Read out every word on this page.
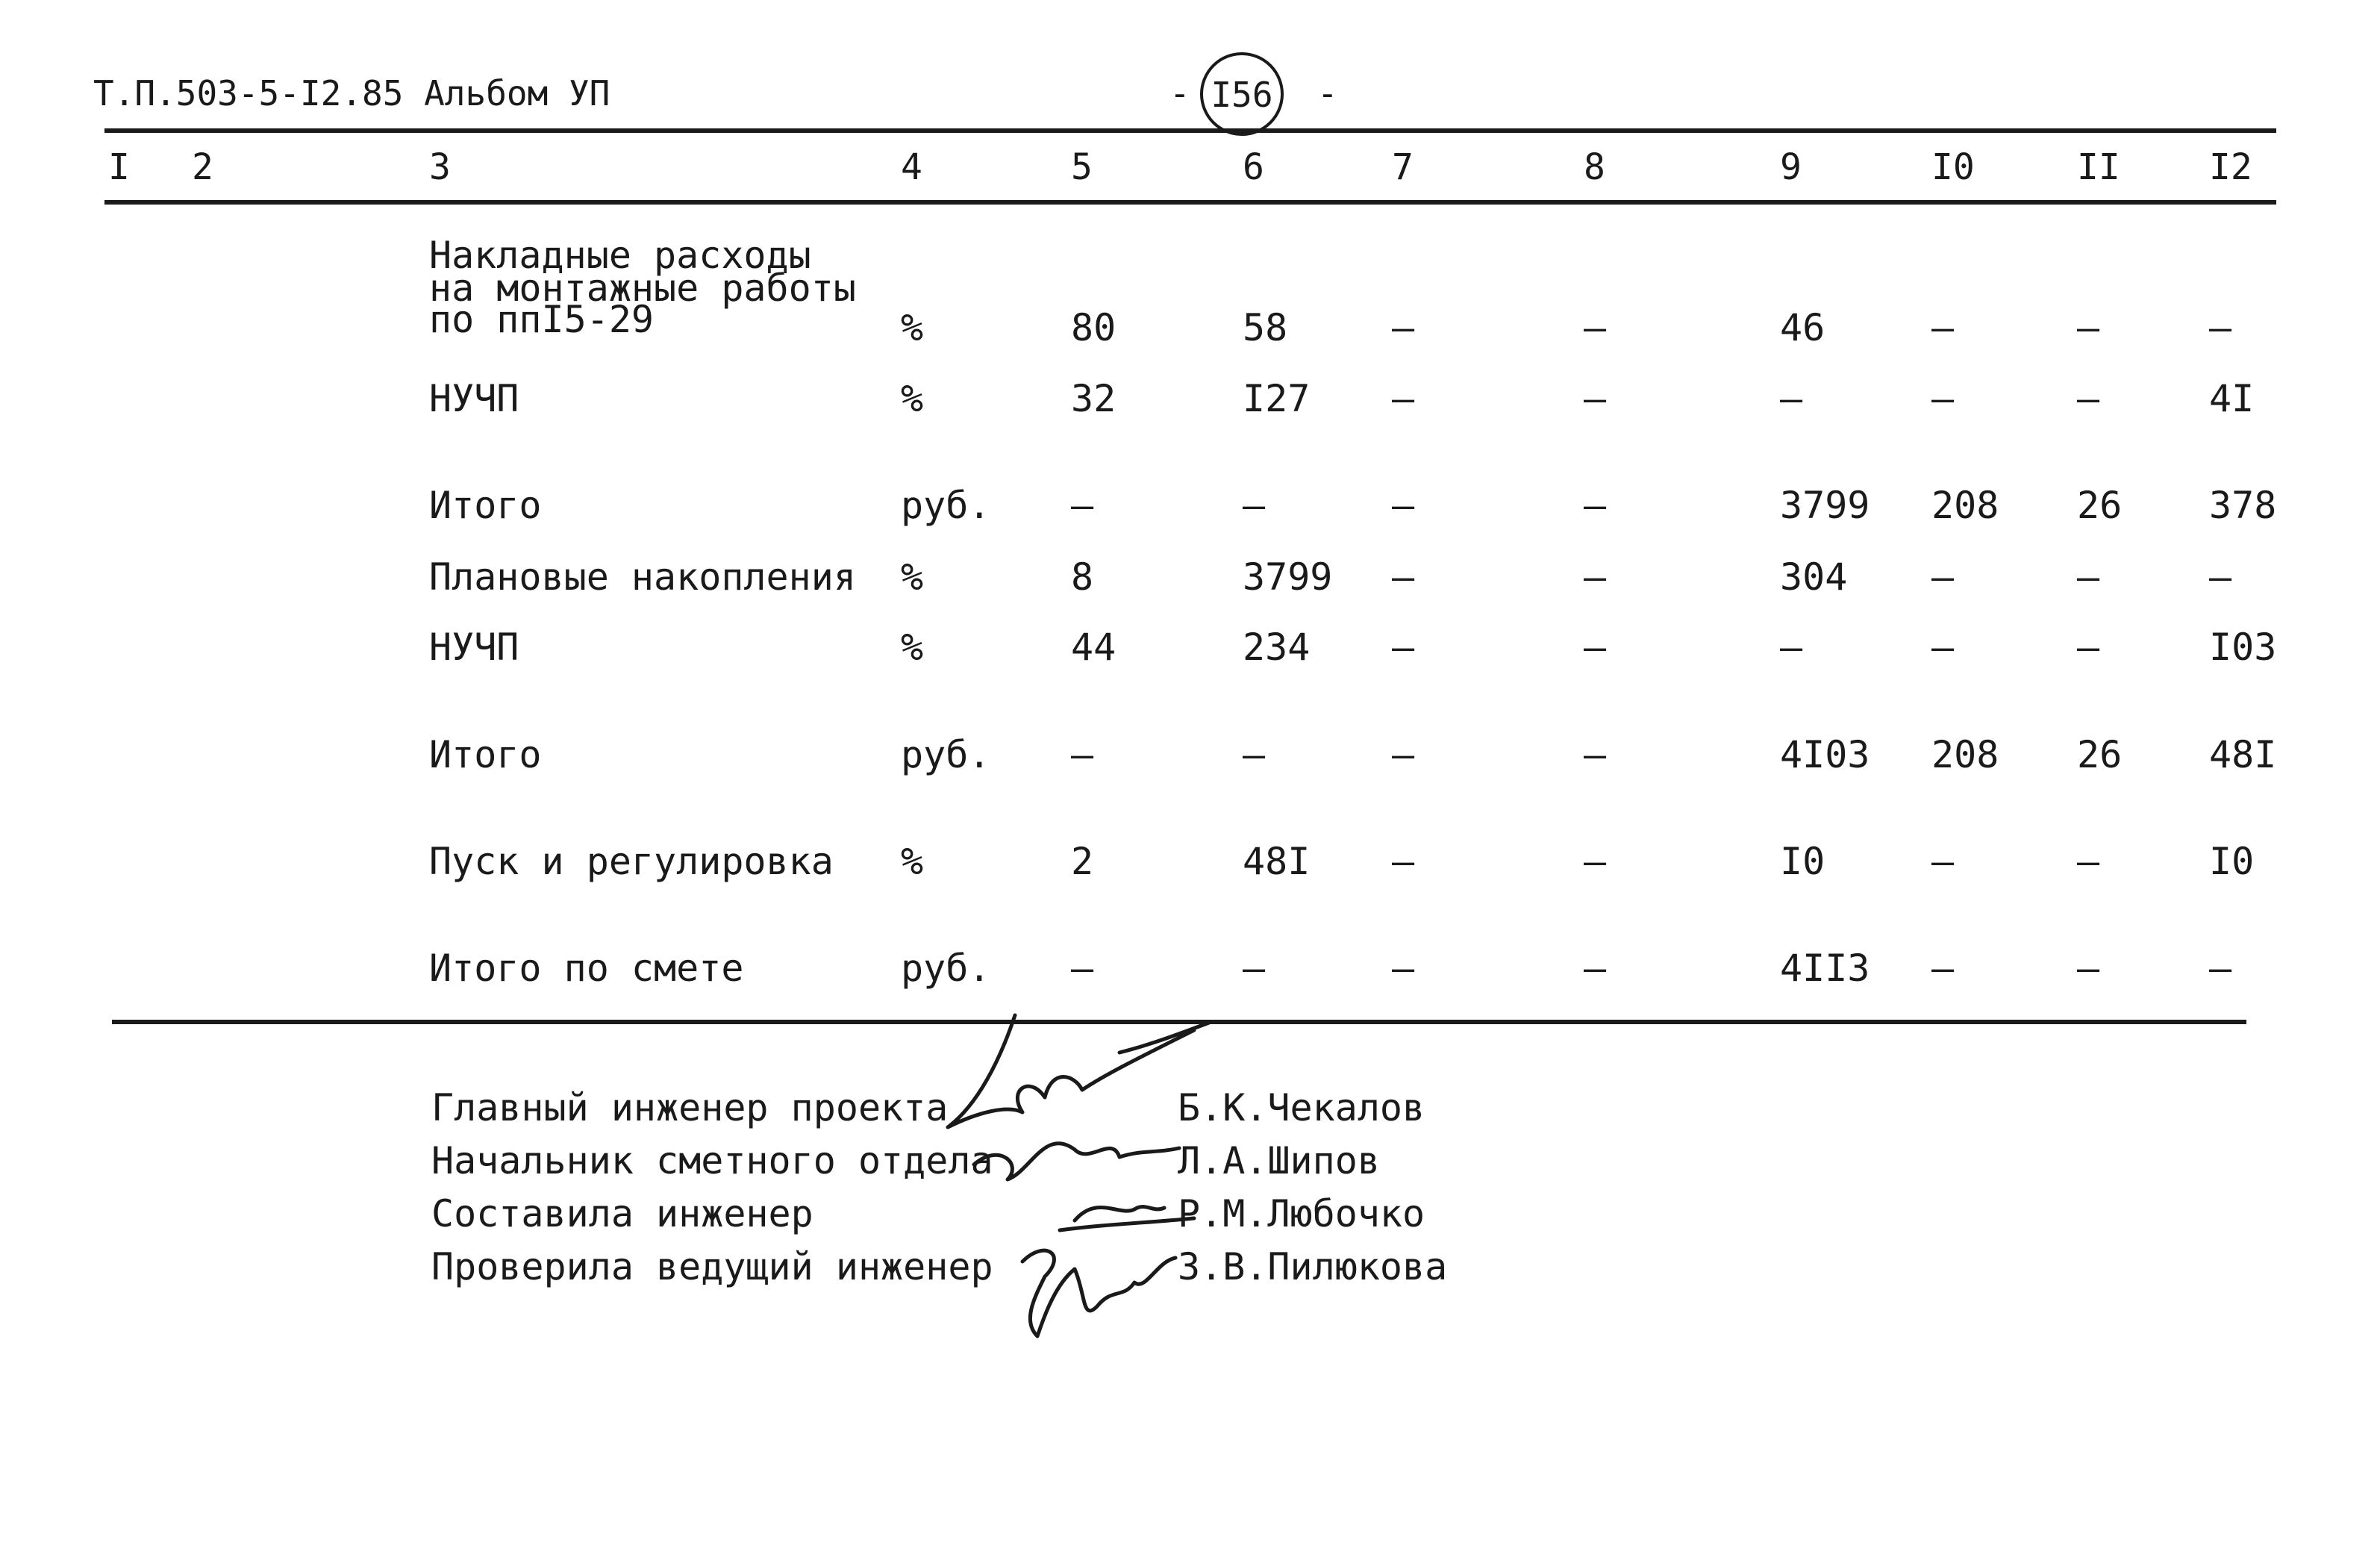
Т.П.503-5-I2.85 Альбом УП	- I56 -
I 2	3	4	5	6	7	8	9	I0	II I2
Накладные расходы
на монтажные работы
по ппI5-29	%	80	58	–	–	46	–	–	–
НУЧП	%	32	I27 –	–	–	–	–	4I
Итого	руб. –	–	–	–	3799 208 26 378
Плановые накопления %	8	3799 –	–	304 –	–	–
НУЧП	%	44	234 –	–	–	–	–	I03
Итого	руб. –	–	–	–	4I03 208 26 48I
Пуск и регулировка %	2	48I –	–	I0	–	–	I0
Итого по смете	руб. –	–	–	–	4II3 –	–	–
Главный инженер проекта	Б.К.Чекалов
Начальник сметного отдела	Л.А.Шипов
Составила инженер	Р.М.Любочко
Проверила ведущий инженер	З.В.Пилюкова
